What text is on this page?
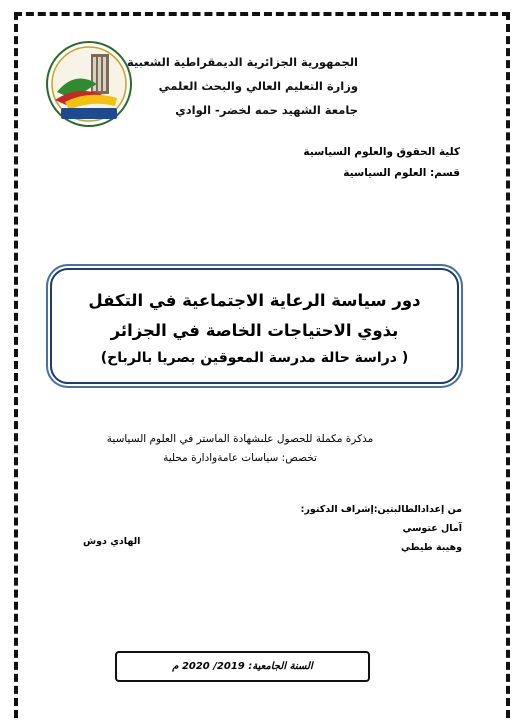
الجمهورية الجزائرية الديمقراطية الشعبية
وزارة التعليم العالي والبحث العلمي
جامعة الشهيد حمه لخضر- الوادي
كلية الحقوق والعلوم السياسية
قسم: العلوم السياسية
دور سياسة الرعاية الاجتماعية في التكفل بذوي الاحتياجات الخاصة في الجزائر
( دراسة حالة مدرسة المعوقين بصريا بالرباح)
مذكرة مكملة للحصول علىشهادة الماستر في العلوم السياسية
تخصص: سياسات عامةوادارة محلية
من إعدادالطالبتين:إشراف الدكتور:
آمال عتوسي
وهيبة طيطي
الهادي دوش
السنة الجامعية: 2019/ 2020 م
